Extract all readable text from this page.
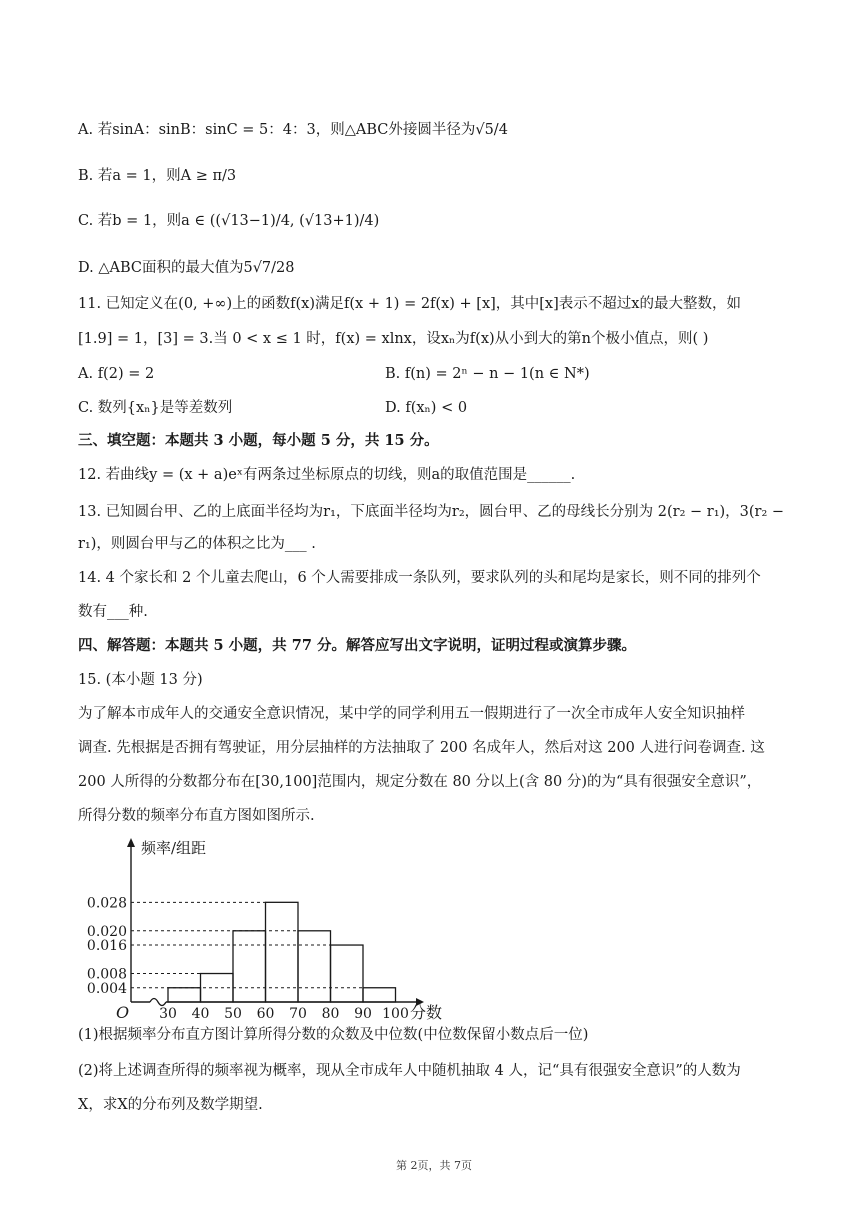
A. 若sinA：sinB：sinC = 5：4：3，则△ABC外接圆半径为√5/4
B. 若a = 1，则A ≥ π/3
C. 若b = 1，则a ∈ ((√13−1)/4, (√13+1)/4)
D. △ABC面积的最大值为5√7/28
11. 已知定义在(0, +∞)上的函数f(x)满足f(x + 1) = 2f(x) + [x]，其中[x]表示不超过x的最大整数，如
[1.9] = 1，[3] = 3.当 0 < x ≤ 1 时，f(x) = xlnx，设xₙ为f(x)从小到大的第n个极小值点，则( )
A. f(2) = 2	B. f(n) = 2ⁿ − n − 1(n ∈ N*)
C. 数列{xₙ}是等差数列	D. f(xₙ) < 0
三、填空题：本题共 3 小题，每小题 5 分，共 15 分。
12. 若曲线y = (x + a)eˣ有两条过坐标原点的切线，则a的取值范围是______.
13. 已知圆台甲、乙的上底面半径均为r₁，下底面半径均为r₂，圆台甲、乙的母线长分别为 2(r₂ − r₁)，3(r₂ −
r₁)，则圆台甲与乙的体积之比为___ .
14. 4 个家长和 2 个儿童去爬山，6 个人需要排成一条队列，要求队列的头和尾均是家长，则不同的排列个
数有___种.
四、解答题：本题共 5 小题，共 77 分。解答应写出文字说明，证明过程或演算步骤。
15. (本小题 13 分)
为了解本市成年人的交通安全意识情况，某中学的同学利用五一假期进行了一次全市成年人安全知识抽样
调查. 先根据是否拥有驾驶证，用分层抽样的方法抽取了 200 名成年人，然后对这 200 人进行问卷调查. 这
200 人所得的分数都分布在[30,100]范围内，规定分数在 80 分以上(含 80 分)的为“具有很强安全意识”，
所得分数的频率分布直方图如图所示.
0.004
0.008
0.016
0.020
0.028
30 40 50 60 70 80 90 100
频率/组距
分数
O
(1)根据频率分布直方图计算所得分数的众数及中位数(中位数保留小数点后一位)
(2)将上述调查所得的频率视为概率，现从全市成年人中随机抽取 4 人，记“具有很强安全意识”的人数为
X，求X的分布列及数学期望.
第 2页，共 7页
